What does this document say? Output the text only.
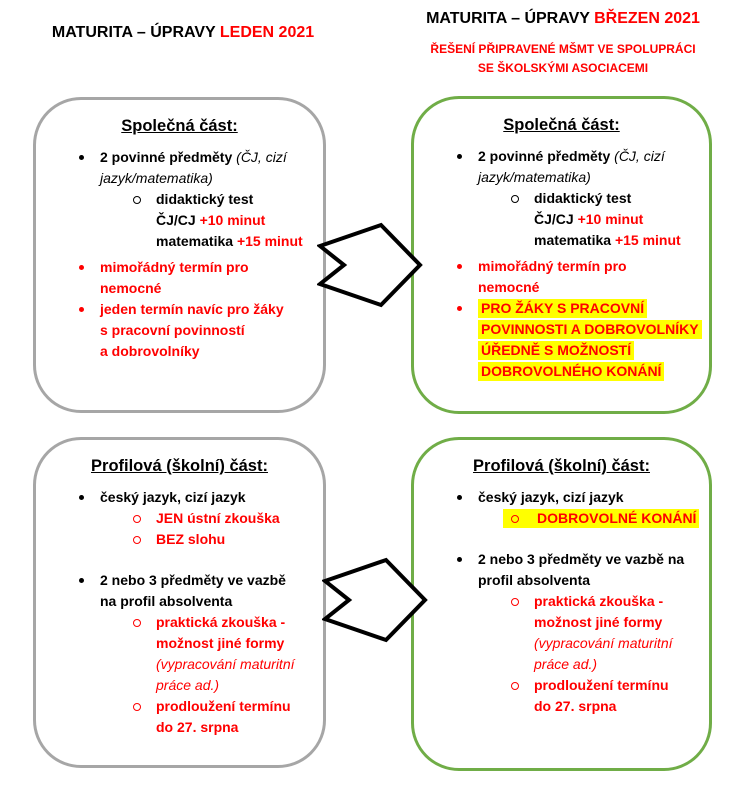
MATURITA – ÚPRAVY LEDEN 2021
MATURITA – ÚPRAVY BŘEZEN 2021
ŘEŠENÍ PŘIPRAVENÉ MŠMT VE SPOLUPRÁCI
SE ŠKOLSKÝMI ASOCIACEMI
Společná část:
2 povinné předměty (ČJ, cizí
jazyk/matematika)
didaktický test
ČJ/CJ +10 minut
matematika +15 minut
mimořádný termín pro
nemocné
jeden termín navíc pro žáky
s pracovní povinností
a dobrovolníky
Společná část:
2 povinné předměty (ČJ, cizí
jazyk/matematika)
didaktický test
ČJ/CJ +10 minut
matematika +15 minut
mimořádný termín pro
nemocné
PRO ŽÁKY S PRACOVNÍ
POVINNOSTI A DOBROVOLNÍKY
ÚŘEDNĚ S MOŽNOSTÍ
DOBROVOLNÉHO KONÁNÍ
Profilová (školní) část:
český jazyk, cizí jazyk
JEN ústní zkouška
BEZ slohu
2 nebo 3 předměty ve vazbě
na profil absolventa
praktická zkouška -
možnost jiné formy
(vypracování maturitní
práce ad.)
prodloužení termínu
do 27. srpna
Profilová (školní) část:
český jazyk, cizí jazyk
DOBROVOLNÉ KONÁNÍ
2 nebo 3 předměty ve vazbě na
profil absolventa
praktická zkouška -
možnost jiné formy
(vypracování maturitní
práce ad.)
prodloužení termínu
do 27. srpna
